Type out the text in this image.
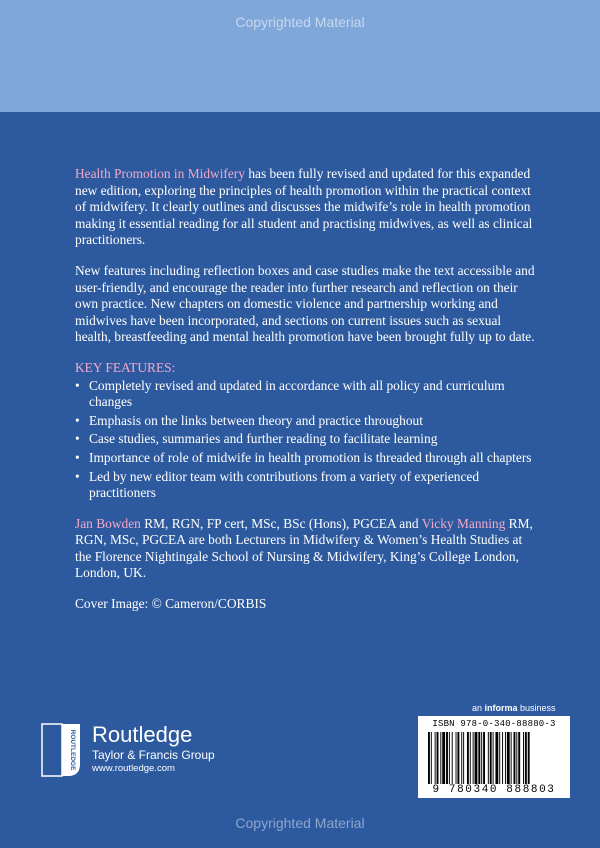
Copyrighted Material

Health Promotion in Midwifery has been fully revised and updated for this expanded new edition, exploring the principles of health promotion within the practical context of midwifery. It clearly outlines and discusses the midwife’s role in health promotion making it essential reading for all student and practising midwives, as well as clinical practitioners.

New features including reflection boxes and case studies make the text accessible and user-friendly, and encourage the reader into further research and reflection on their own practice. New chapters on domestic violence and partnership working and midwives have been incorporated, and sections on current issues such as sexual health, breastfeeding and mental health promotion have been brought fully up to date.

KEY FEATURES:
• Completely revised and updated in accordance with all policy and curriculum changes
• Emphasis on the links between theory and practice throughout
• Case studies, summaries and further reading to facilitate learning
• Importance of role of midwife in health promotion is threaded through all chapters
• Led by new editor team with contributions from a variety of experienced practitioners

Jan Bowden RM, RGN, FP cert, MSc, BSc (Hons), PGCEA and Vicky Manning RM, RGN, MSc, PGCEA are both Lecturers in Midwifery & Women’s Health Studies at the Florence Nightingale School of Nursing & Midwifery, King’s College London, London, UK.

Cover Image: © Cameron/CORBIS

an informa business
ISBN 978-0-340-88880-3
9 780340 888803
ROUTLEDGE Routledge
Taylor & Francis Group
www.routledge.com
Copyrighted Material
